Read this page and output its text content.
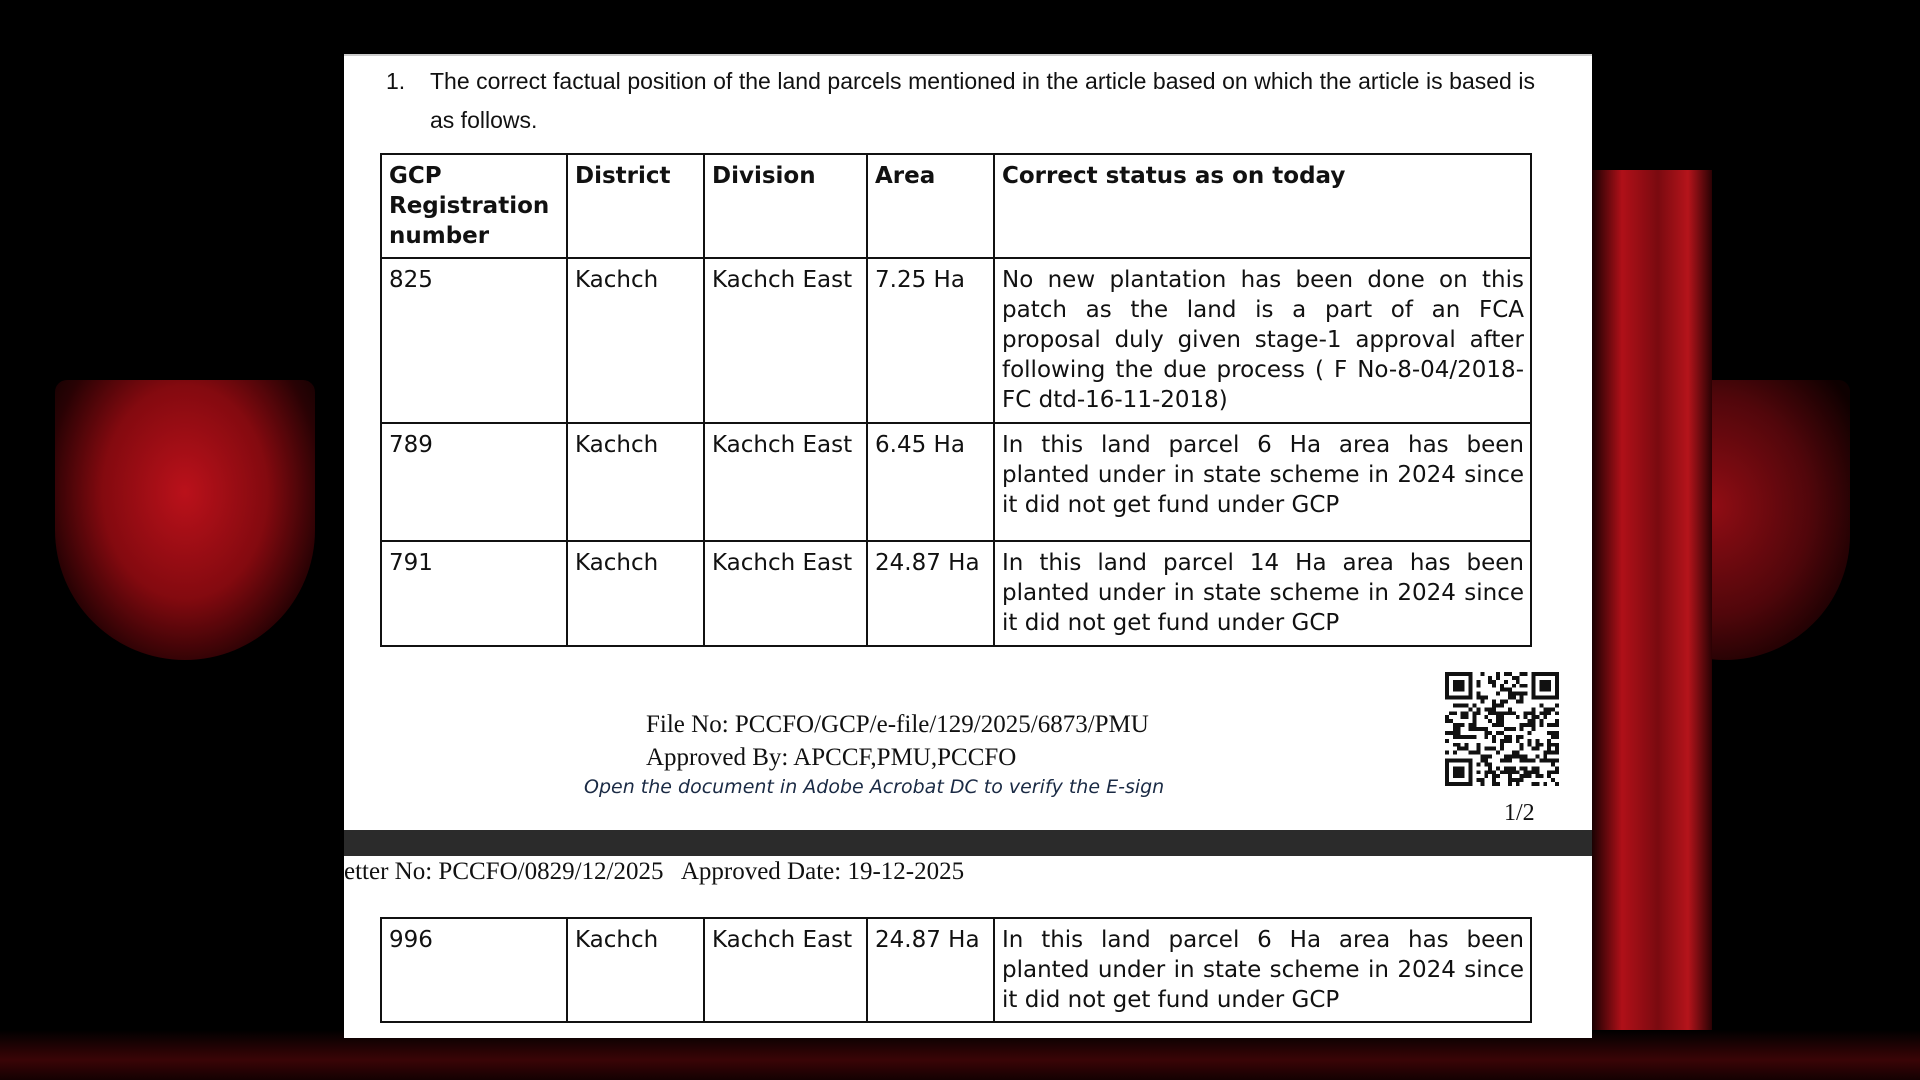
1. The correct factual position of the land parcels mentioned in the article based on which the article is based is as follows.
GCP Registration number	District	Division	Area	Correct status as on today
825	Kachch	Kachch East	7.25 Ha	No new plantation has been done on this patch as the land is a part of an FCA proposal duly given stage-1 approval after following the due process ( F No-8-04/2018-FC dtd-16-11-2018)
789	Kachch	Kachch East	6.45 Ha	In this land parcel 6 Ha area has been planted under in state scheme in 2024 since it did not get fund under GCP
791	Kachch	Kachch East	24.87 Ha	In this land parcel 14 Ha area has been planted under in state scheme in 2024 since it did not get fund under GCP
File No: PCCFO/GCP/e-file/129/2025/6873/PMU
Approved By: APCCF,PMU,PCCFO
Open the document in Adobe Acrobat DC to verify the E-sign
1/2
etter No: PCCFO/0829/12/2025   Approved Date: 19-12-2025
996	Kachch	Kachch East	24.87 Ha	In this land parcel 6 Ha area has been planted under in state scheme in 2024 since it did not get fund under GCP
